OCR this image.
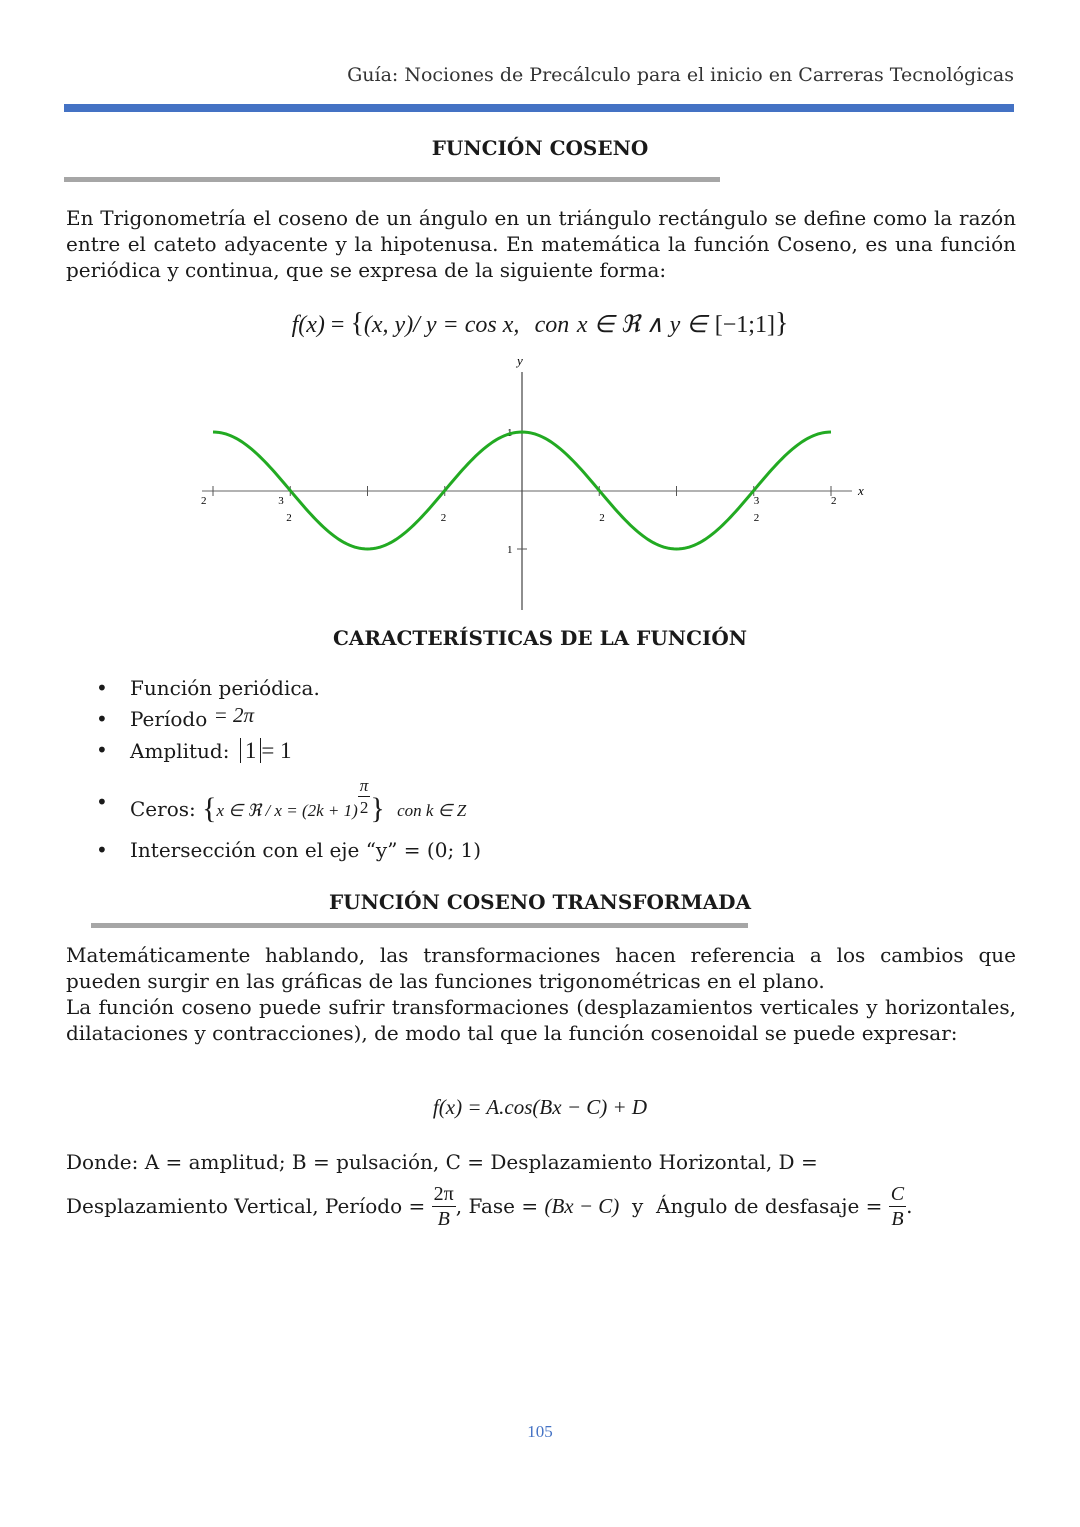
Guía: Nociones de Precálculo para el inicio en Carreras Tecnológicas
FUNCIÓN COSENO
En Trigonometría el coseno de un ángulo en un triángulo rectángulo se define como la razón entre el cateto adyacente y la hipotenusa. En matemática la función Coseno, es una función periódica y continua, que se expresa de la siguiente forma:
f(x) = {(x, y)/ y = cos x, con x ∈ ℜ ∧ y ∈ [−1;1]}
x
y
2	3
2	2	2
3
2
2
1
1
CARACTERÍSTICAS DE LA FUNCIÓN
• Función periódica.
• Período = 2π
• Amplitud: 1 = 1
• Ceros: {x ∈ ℜ / $x = (2k + 1) \frac{\pi}{2}$ } con k ∈ Z
• Intersección con el eje “y” = (0; 1)
FUNCIÓN COSENO TRANSFORMADA
Matemáticamente hablando, las transformaciones hacen referencia a los cambios que pueden surgir en las gráficas de las funciones trigonométricas en el plano.
La función coseno puede sufrir transformaciones (desplazamientos verticales y horizontales, dilataciones y contracciones), de modo tal que la función cosenoidal se puede expresar:
f(x) = A.cos(Bx − C) + D
Donde: A = amplitud; B = pulsación, C = Desplazamiento Horizontal, D =
Desplazamiento Vertical, Período =
$\frac{2\pi}{B}$ , Fase =
(Bx − C)
y
Ángulo de desfasaje =
$\frac{C}{B}$ .
105
